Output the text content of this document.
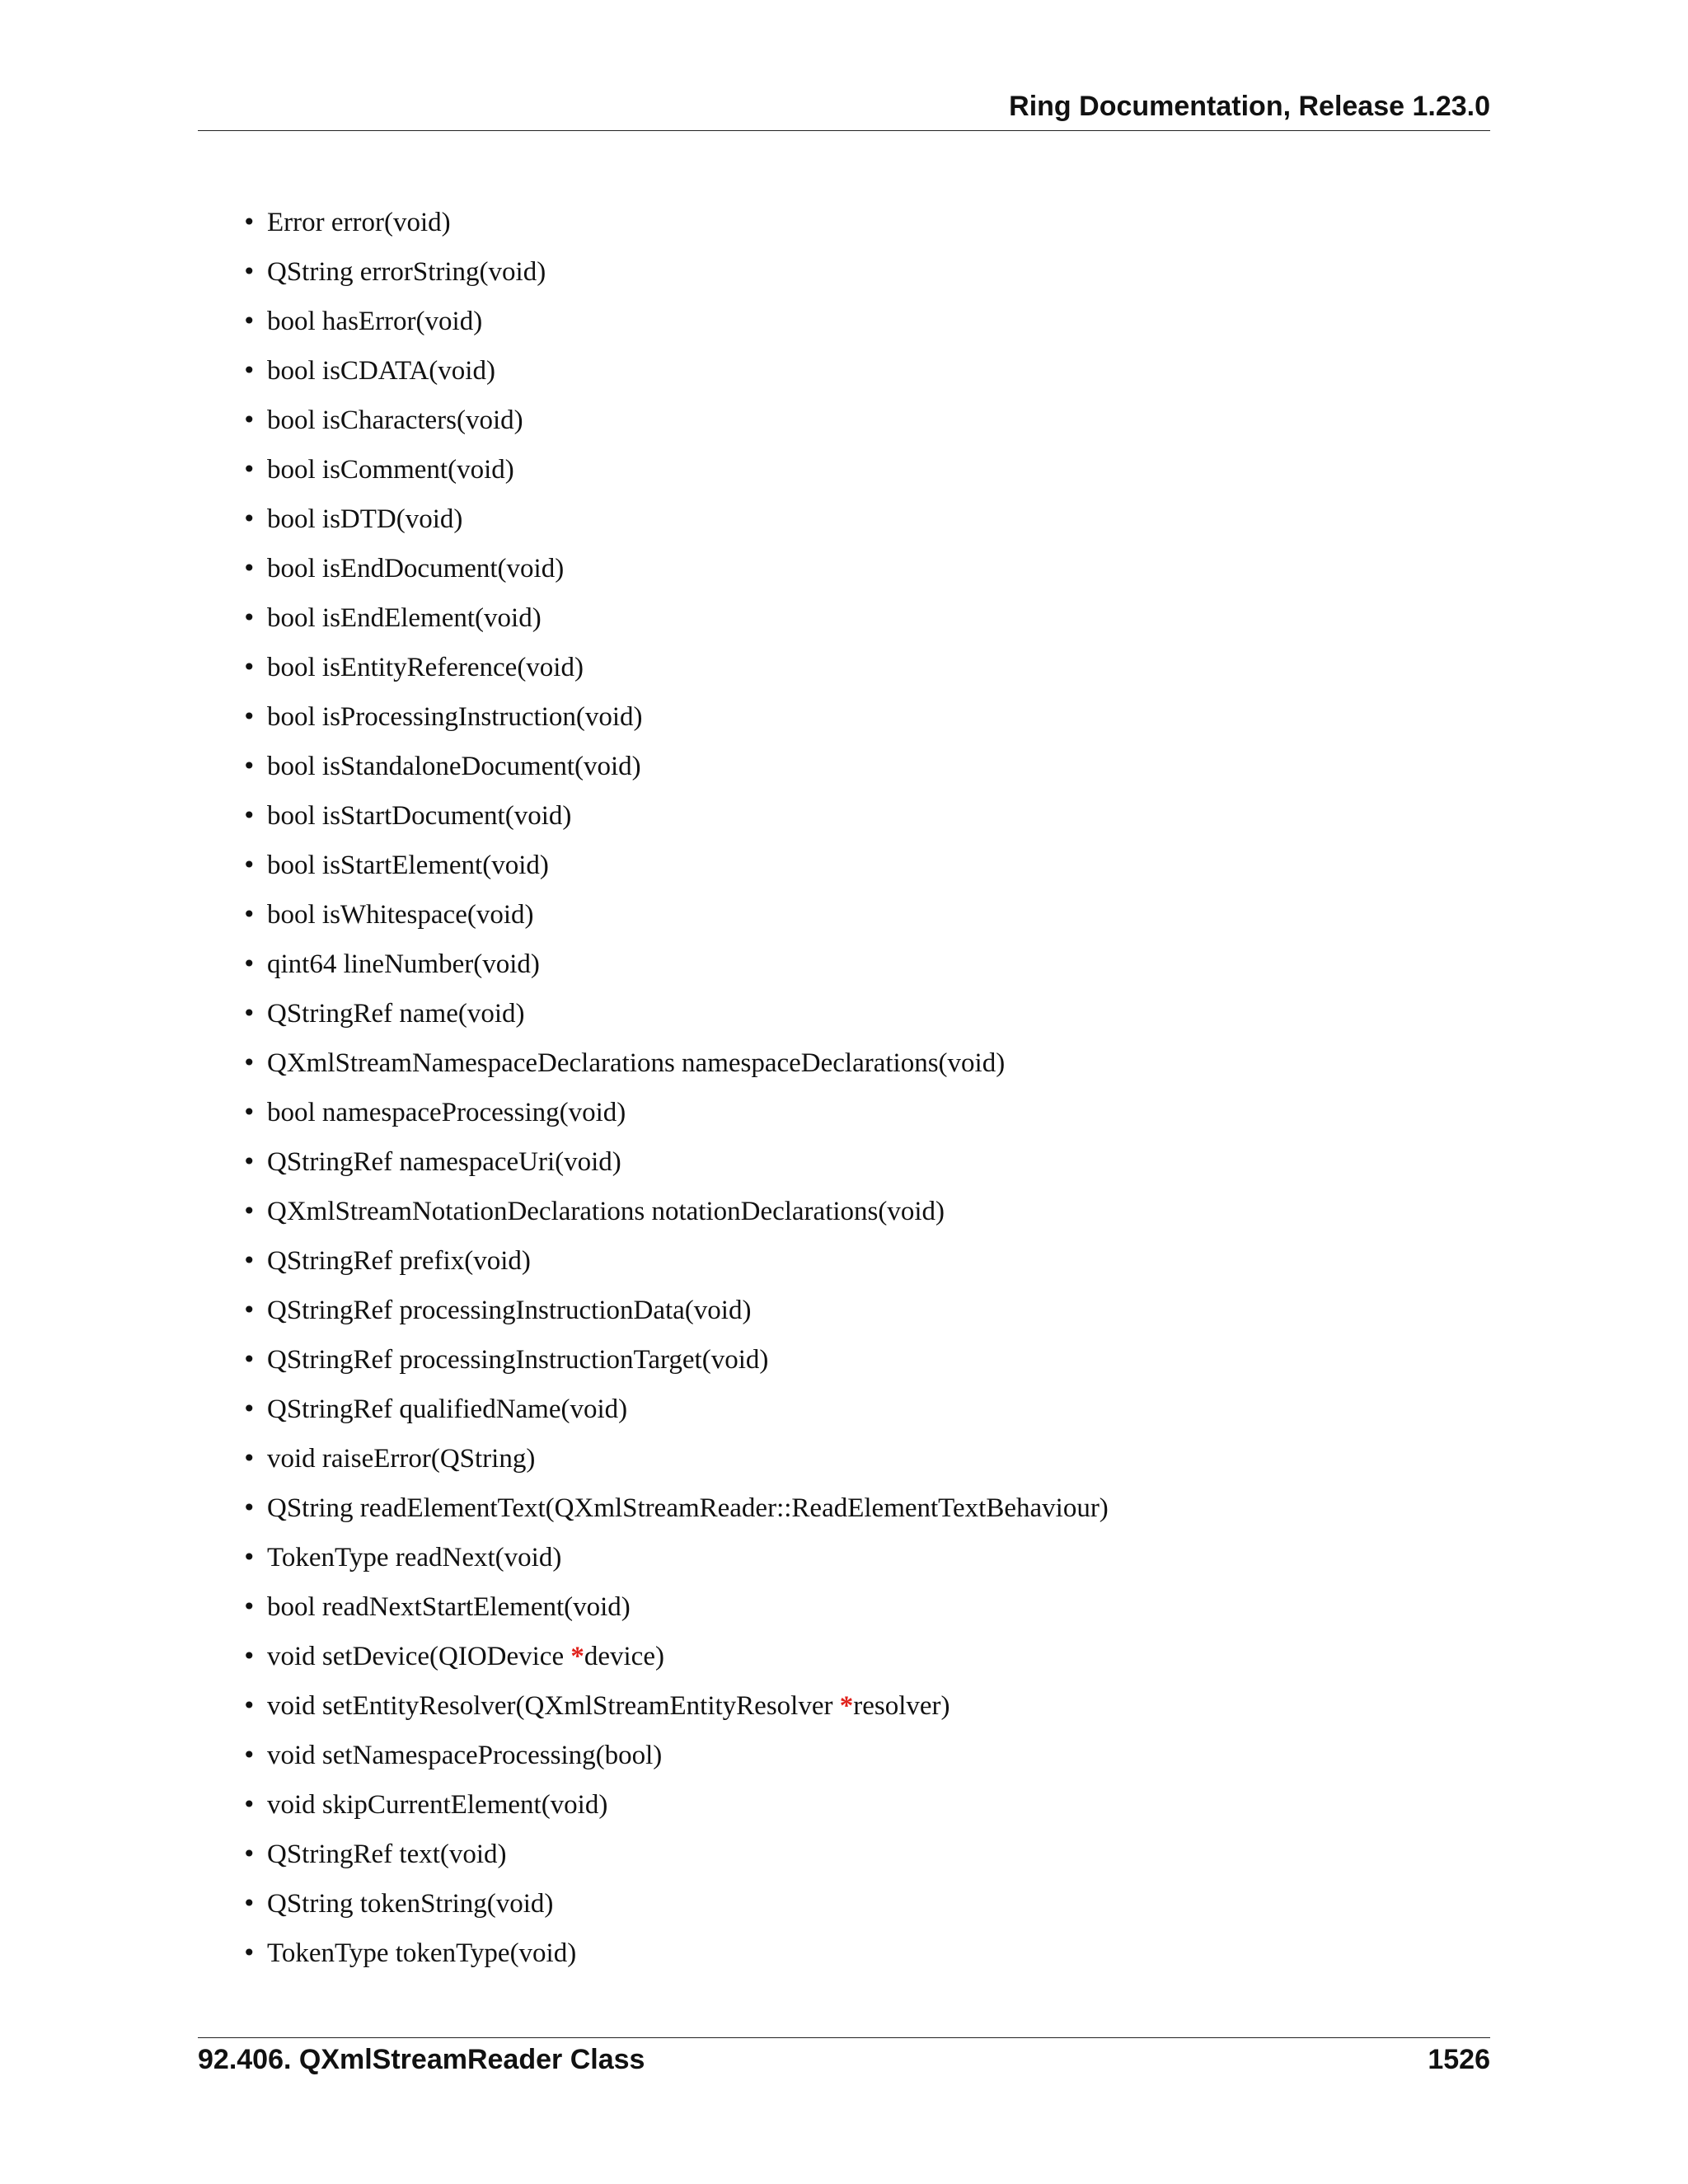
Ring Documentation, Release 1.23.0
• Error error(void)
• QString errorString(void)
• bool hasError(void)
• bool isCDATA(void)
• bool isCharacters(void)
• bool isComment(void)
• bool isDTD(void)
• bool isEndDocument(void)
• bool isEndElement(void)
• bool isEntityReference(void)
• bool isProcessingInstruction(void)
• bool isStandaloneDocument(void)
• bool isStartDocument(void)
• bool isStartElement(void)
• bool isWhitespace(void)
• qint64 lineNumber(void)
• QStringRef name(void)
• QXmlStreamNamespaceDeclarations namespaceDeclarations(void)
• bool namespaceProcessing(void)
• QStringRef namespaceUri(void)
• QXmlStreamNotationDeclarations notationDeclarations(void)
• QStringRef prefix(void)
• QStringRef processingInstructionData(void)
• QStringRef processingInstructionTarget(void)
• QStringRef qualifiedName(void)
• void raiseError(QString)
• QString readElementText(QXmlStreamReader::ReadElementTextBehaviour)
• TokenType readNext(void)
• bool readNextStartElement(void)
• void setDevice(QIODevice *device)
• void setEntityResolver(QXmlStreamEntityResolver *resolver)
• void setNamespaceProcessing(bool)
• void skipCurrentElement(void)
• QStringRef text(void)
• QString tokenString(void)
• TokenType tokenType(void)
92.406. QXmlStreamReader Class	1526
